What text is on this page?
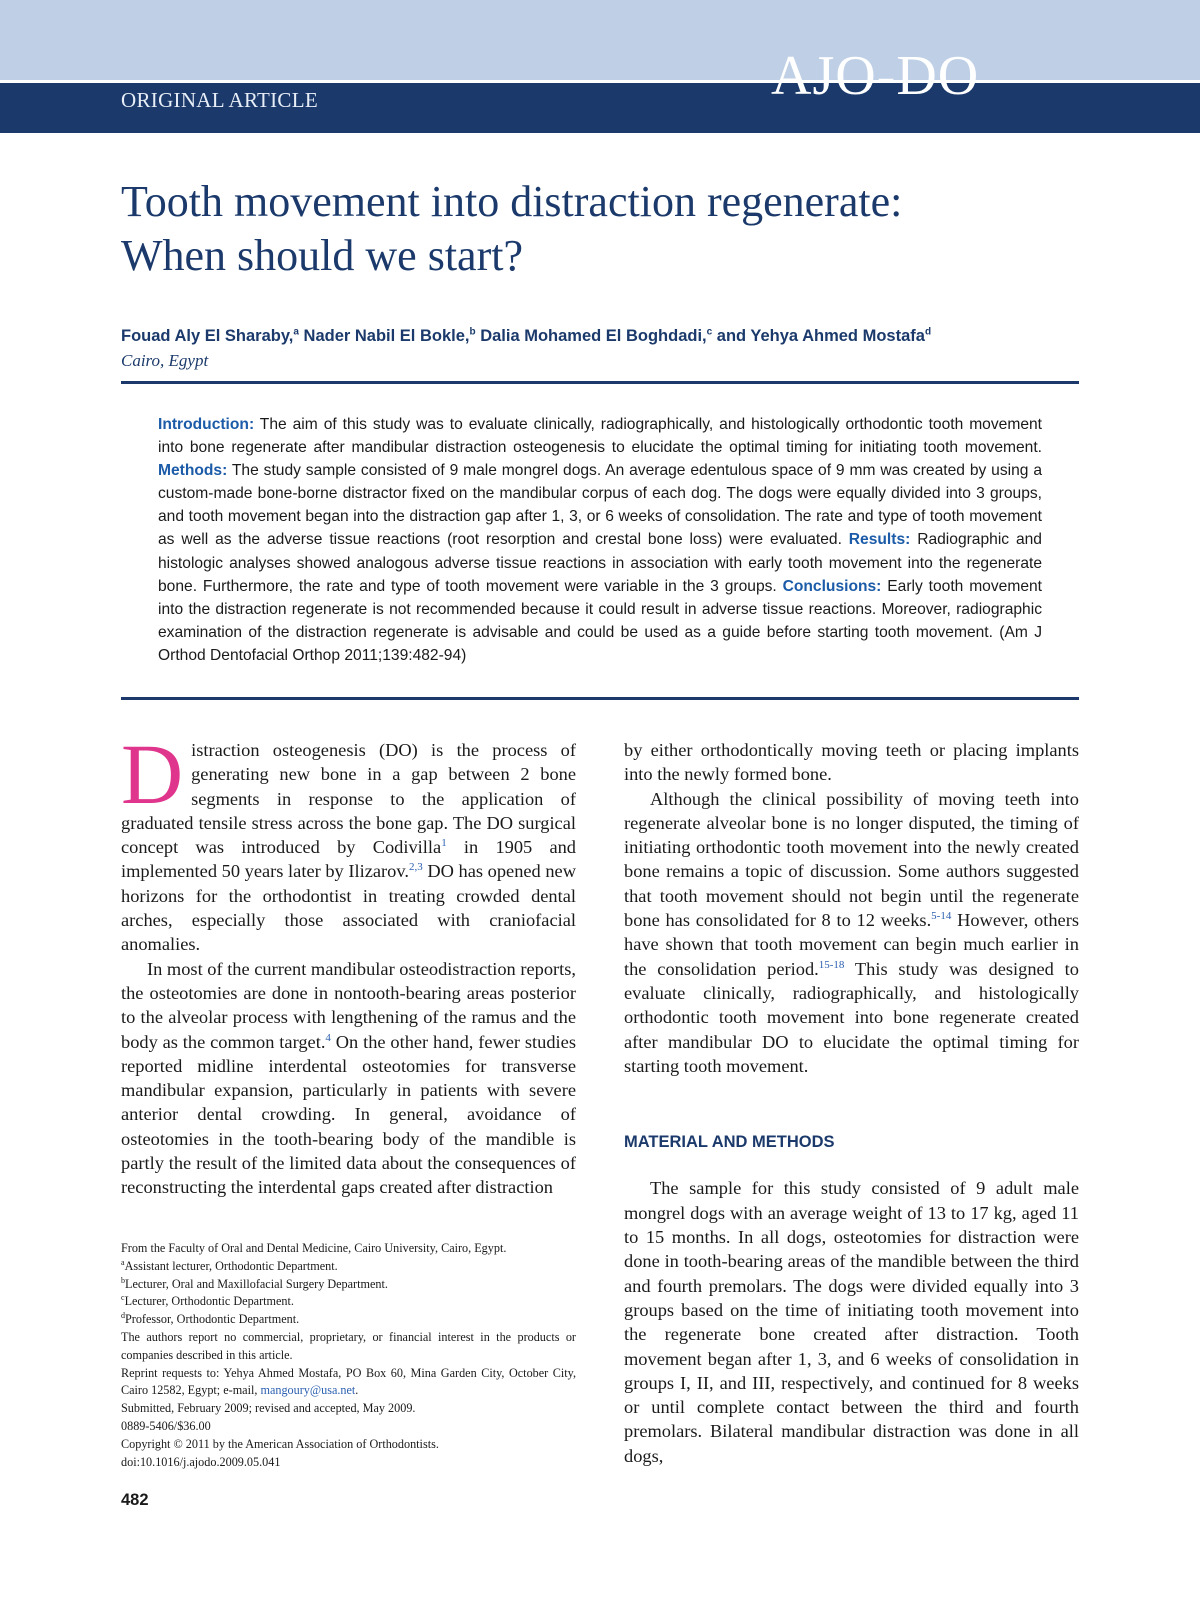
ORIGINAL ARTICLE	AJO-DO
Tooth movement into distraction regenerate:
When should we start?
Fouad Aly El Sharaby,$^a$ Nader Nabil El Bokle,$^b$ Dalia Mohamed El Boghdadi,$^c$ and Yehya Ahmed Mostafa$^d$
Cairo, Egypt

Introduction: The aim of this study was to evaluate clinically, radiographically, and histologically orthodontic tooth movement into bone regenerate after mandibular distraction osteogenesis to elucidate the optimal timing for initiating tooth movement. Methods: The study sample consisted of 9 male mongrel dogs. An average edentulous space of 9 mm was created by using a custom-made bone-borne distractor fixed on the mandibular corpus of each dog. The dogs were equally divided into 3 groups, and tooth movement began into the distraction gap after 1, 3, or 6 weeks of consolidation. The rate and type of tooth movement as well as the adverse tissue reactions (root resorption and crestal bone loss) were evaluated. Results: Radiographic and histologic analyses showed analogous adverse tissue reactions in association with early tooth movement into the regenerate bone. Furthermore, the rate and type of tooth movement were variable in the 3 groups. Conclusions: Early tooth movement into the distraction regenerate is not recommended because it could result in adverse tissue reactions. Moreover, radiographic examination of the distraction regenerate is advisable and could be used as a guide before starting tooth movement. (Am J Orthod Dentofacial Orthop 2011;139:482-94)

Distraction osteogenesis (DO) is the process of generating new bone in a gap between 2 bone segments in response to the application of graduated tensile stress across the bone gap. The DO surgical concept was introduced by Codivilla$^1$ in 1905 and implemented 50 years later by Ilizarov.$^{2,3}$ DO has opened new horizons for the orthodontist in treating crowded dental arches, especially those associated with craniofacial anomalies.

In most of the current mandibular osteodistraction reports, the osteotomies are done in nontooth-bearing areas posterior to the alveolar process with lengthening of the ramus and the body as the common target.$^4$ On the other hand, fewer studies reported midline interdental osteotomies for transverse mandibular expansion, particularly in patients with severe anterior dental crowding. In general, avoidance of osteotomies in the tooth-bearing body of the mandible is partly the result of the limited data about the consequences of reconstructing the interdental gaps created after distraction

by either orthodontically moving teeth or placing implants into the newly formed bone.

Although the clinical possibility of moving teeth into regenerate alveolar bone is no longer disputed, the timing of initiating orthodontic tooth movement into the newly created bone remains a topic of discussion. Some authors suggested that tooth movement should not begin until the regenerate bone has consolidated for 8 to 12 weeks.$^{5-14}$ However, others have shown that tooth movement can begin much earlier in the consolidation period.$^{15-18}$ This study was designed to evaluate clinically, radiographically, and histologically orthodontic tooth movement into bone regenerate created after mandibular DO to elucidate the optimal timing for starting tooth movement.

MATERIAL AND METHODS

The sample for this study consisted of 9 adult male mongrel dogs with an average weight of 13 to 17 kg, aged 11 to 15 months. In all dogs, osteotomies for distraction were done in tooth-bearing areas of the mandible between the third and fourth premolars. The dogs were divided equally into 3 groups based on the time of initiating tooth movement into the regenerate bone created after distraction. Tooth movement began after 1, 3, and 6 weeks of consolidation in groups I, II, and III, respectively, and continued for 8 weeks or until complete contact between the third and fourth premolars. Bilateral mandibular distraction was done in all dogs,

From the Faculty of Oral and Dental Medicine, Cairo University, Cairo, Egypt.

$^a$Assistant lecturer, Orthodontic Department.

$^b$Lecturer, Oral and Maxillofacial Surgery Department.

$^c$Lecturer, Orthodontic Department.

$^d$Professor, Orthodontic Department.

The authors report no commercial, proprietary, or financial interest in the products or companies described in this article.

Reprint requests to: Yehya Ahmed Mostafa, PO Box 60, Mina Garden City, October City, Cairo 12582, Egypt; e-mail, mangoury@usa.net.

Submitted, February 2009; revised and accepted, May 2009.

0889-5406/$36.00

Copyright © 2011 by the American Association of Orthodontists.

doi:10.1016/j.ajodo.2009.05.041

482
